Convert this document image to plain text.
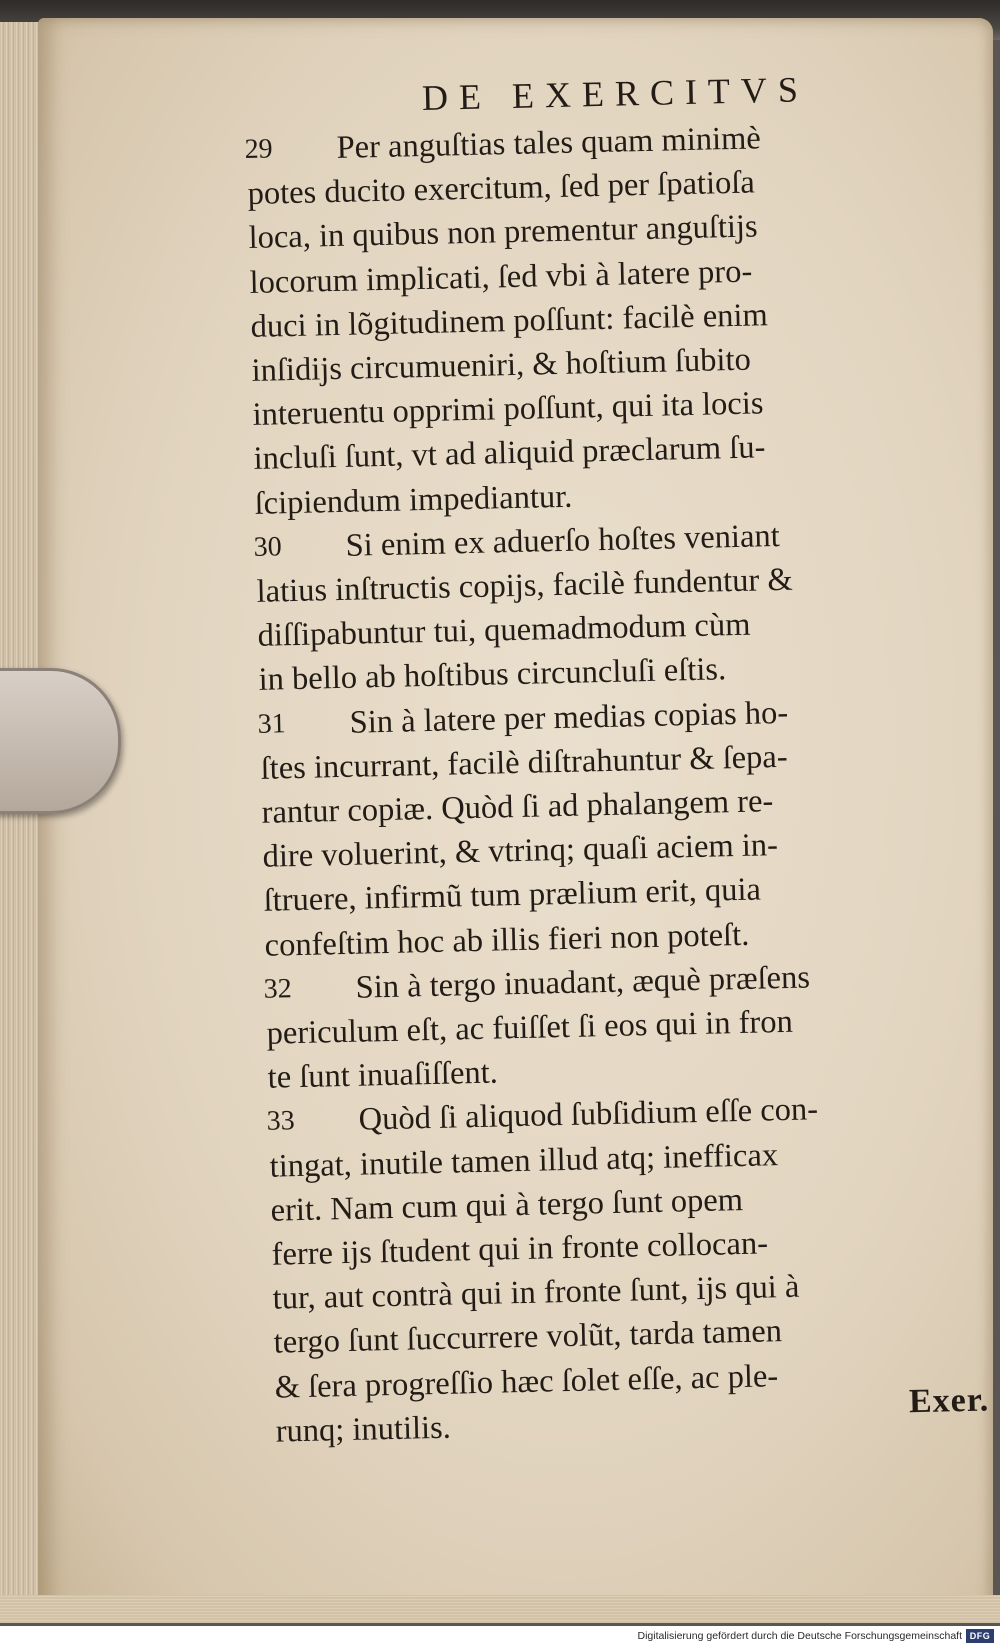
DE EXERCITVS
29	Per anguſtias tales quam minimè
potes ducito exercitum, ſed per ſpatioſa
loca, in quibus non prementur anguſtijs
locorum implicati, ſed vbi à latere pro-
duci in lõgitudinem poſſunt: facilè enim
inſidijs circumueniri, & hoſtium ſubito
interuentu opprimi poſſunt, qui ita locis
incluſi ſunt, vt ad aliquid præclarum ſu-
ſcipiendum impediantur.
30	Si enim ex aduerſo hoſtes veniant
latius inſtructis copijs, facilè fundentur &
diſſipabuntur tui, quemadmodum cùm
in bello ab hoſtibus circuncluſi eſtis.
31	Sin à latere per medias copias ho-
ſtes incurrant, facilè diſtrahuntur & ſepa-
rantur copiæ. Quòd ſi ad phalangem re-
dire voluerint, & vtrinq; quaſi aciem in-
ſtruere, infirmũ tum prælium erit, quia
confeſtim hoc ab illis fieri non poteſt.
32	Sin à tergo inuadant, æquè præſens
periculum eſt, ac fuiſſet ſi eos qui in fron
te ſunt inuaſiſſent.
33	Quòd ſi aliquod ſubſidium eſſe con-
tingat, inutile tamen illud atq; inefficax
erit. Nam cum qui à tergo ſunt opem
ferre ijs ſtudent qui in fronte collocan-
tur, aut contrà qui in fronte ſunt, ijs qui à
tergo ſunt ſuccurrere volũt, tarda tamen
& ſera progreſſio hæc ſolet eſſe, ac ple-
runq; inutilis.
Exer.
Digitalisierung gefördert durch die Deutsche Forschungsgemeinschaft DFG
